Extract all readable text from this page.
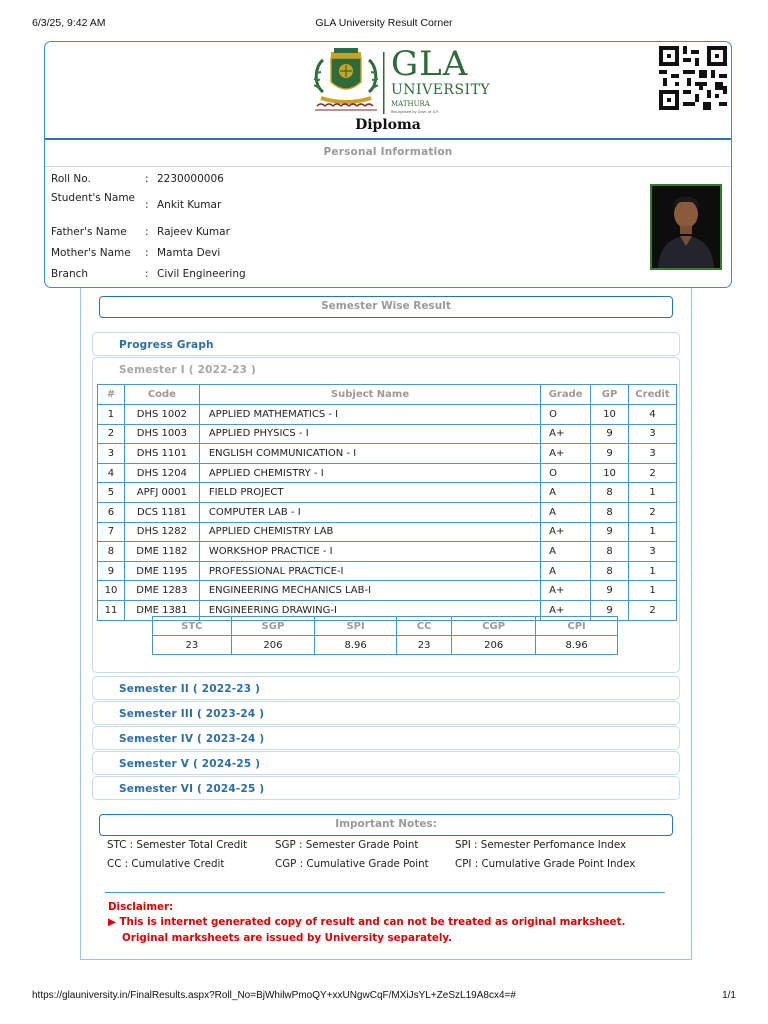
6/3/25, 9:42 AM	GLA University Result Corner
GLA
UNIVERSITY
MATHURA
Recognised by Govt. of U.P.
Diploma
Personal Information
Roll No.	: 2230000006
Student's Name
: Ankit Kumar
Father's Name	: Rajeev Kumar
Mother's Name	: Mamta Devi
Branch	: Civil Engineering
Semester Wise Result
Progress Graph
Semester I ( 2022-23 )
#	Code	Subject Name	Grade	GP	Credit
1	DHS 1002	APPLIED MATHEMATICS - I	O	10	4
2	DHS 1003	APPLIED PHYSICS - I	A+	9	3
3	DHS 1101	ENGLISH COMMUNICATION - I	A+	9	3
4	DHS 1204	APPLIED CHEMISTRY - I	O	10	2
5	APFJ 0001	FIELD PROJECT	A	8	1
6	DCS 1181	COMPUTER LAB - I	A	8	2
7	DHS 1282	APPLIED CHEMISTRY LAB	A+	9	1
8	DME 1182	WORKSHOP PRACTICE - I	A	8	3
9	DME 1195	PROFESSIONAL PRACTICE-I	A	8	1
10	DME 1283	ENGINEERING MECHANICS LAB-I	A+	9	1
11	DME 1381	ENGINEERING DRAWING-I	A+	9	2
STC	SGP	SPI	CC	CGP	CPI
23	206	8.96	23	206	8.96
Semester II ( 2022-23 )
Semester III ( 2023-24 )
Semester IV ( 2023-24 )
Semester V ( 2024-25 )
Semester VI ( 2024-25 )
Important Notes:
STC : Semester Total Credit	SGP : Semester Grade Point	SPI : Semester Perfomance Index
CC : Cumulative Credit	CGP : Cumulative Grade Point	CPI : Cumulative Grade Point Index
Disclaimer:
▶ This is internet generated copy of result and can not be treated as original marksheet.
Original marksheets are issued by University separately.
https://glauniversity.in/FinalResults.aspx?Roll_No=BjWhilwPmoQY+xxUNgwCqF/MXiJsYL+ZeSzL19A8cx4=#	1/1
